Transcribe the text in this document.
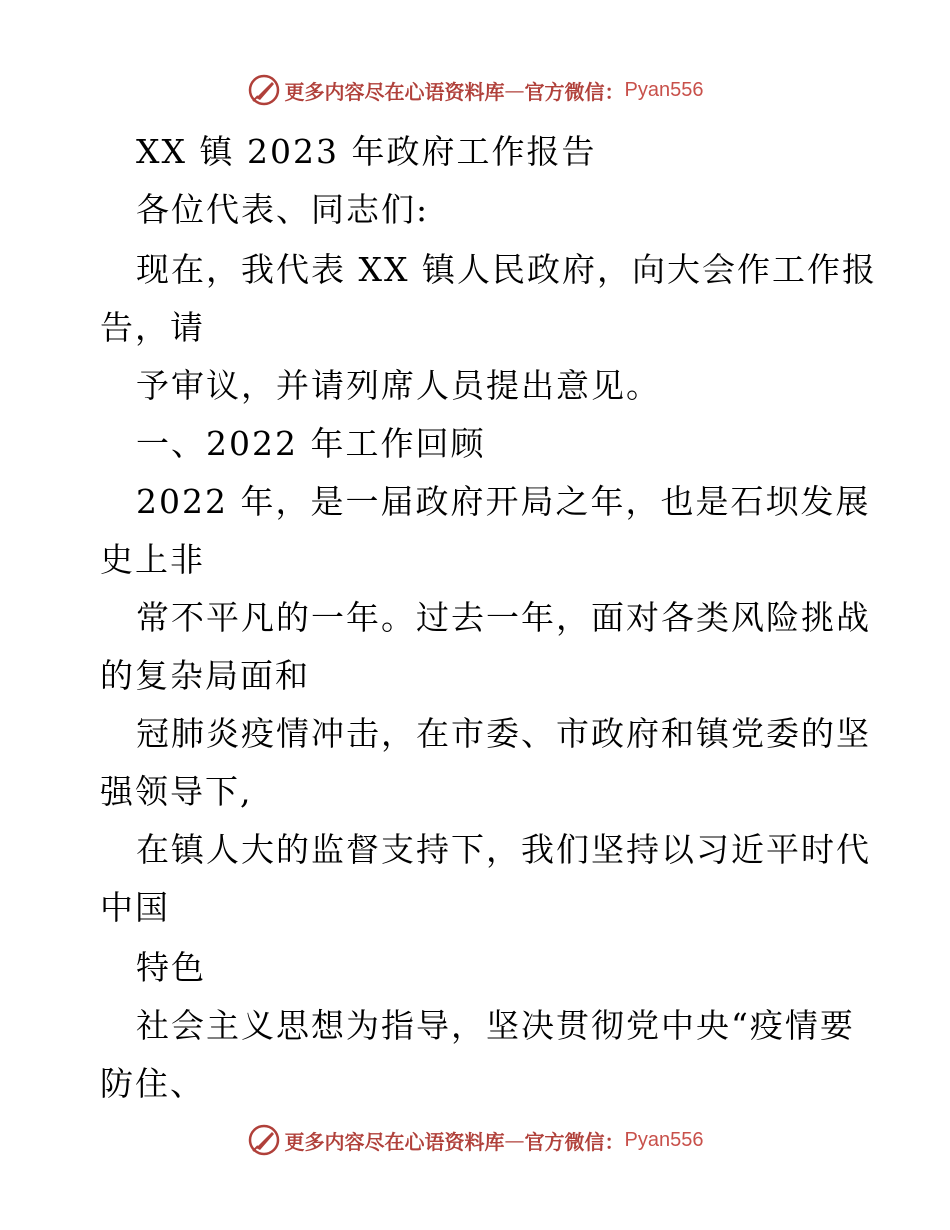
更多内容尽在心语资料库 — 官方微信： Pyan556
XX 镇 2023 年政府工作报告
各位代表、同志们:
现在，我代表 XX 镇人民政府，向大会作工作报
告，请
予审议，并请列席人员提出意见。
一、2022 年工作回顾
2022 年，是一届政府开局之年，也是石坝发展
史上非
常不平凡的一年。过去一年，面对各类风险挑战
的复杂局面和
冠肺炎疫情冲击，在市委、市政府和镇党委的坚
强领导下,
在镇人大的监督支持下，我们坚持以习近平时代
中国
特色
社会主义思想为指导，坚决贯彻党中央“疫情要
防住、
更多内容尽在心语资料库 — 官方微信： Pyan556
